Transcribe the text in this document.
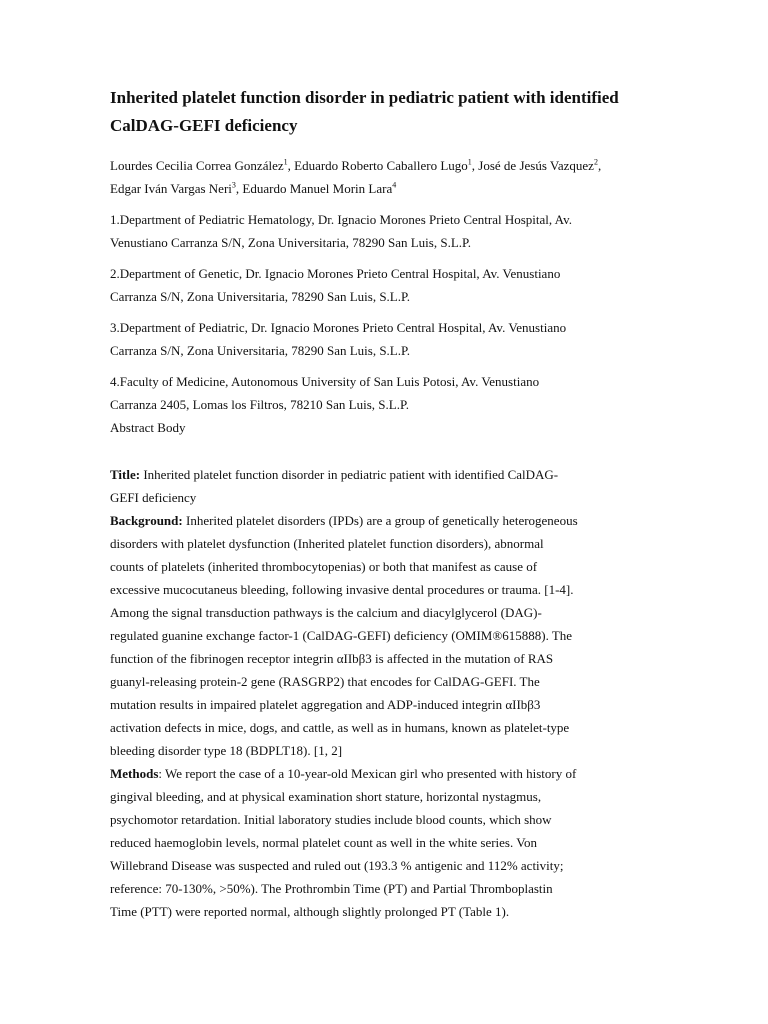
Inherited platelet function disorder in pediatric patient with identified
CalDAG-GEFI deficiency
Lourdes Cecilia Correa González$^1$, Eduardo Roberto Caballero Lugo$^1$, José de Jesús Vazquez$^2$,
Edgar Iván Vargas Neri$^3$, Eduardo Manuel Morin Lara$^4$
1.Department of Pediatric Hematology, Dr. Ignacio Morones Prieto Central Hospital, Av.
Venustiano Carranza S/N, Zona Universitaria, 78290 San Luis, S.L.P.
2.Department of Genetic, Dr. Ignacio Morones Prieto Central Hospital, Av. Venustiano
Carranza S/N, Zona Universitaria, 78290 San Luis, S.L.P.
3.Department of Pediatric, Dr. Ignacio Morones Prieto Central Hospital, Av. Venustiano
Carranza S/N, Zona Universitaria, 78290 San Luis, S.L.P.
4.Faculty of Medicine, Autonomous University of San Luis Potosi, Av. Venustiano
Carranza 2405, Lomas los Filtros, 78210 San Luis, S.L.P.
Abstract Body
Title: Inherited platelet function disorder in pediatric patient with identified CalDAG-
GEFI deficiency
Background: Inherited platelet disorders (IPDs) are a group of genetically heterogeneous
disorders with platelet dysfunction (Inherited platelet function disorders), abnormal
counts of platelets (inherited thrombocytopenias) or both that manifest as cause of
excessive mucocutaneus bleeding, following invasive dental procedures or trauma. [1-4].
Among the signal transduction pathways is the calcium and diacylglycerol (DAG)-
regulated guanine exchange factor-1 (CalDAG-GEFI) deficiency (OMIM®615888). The
function of the fibrinogen receptor integrin αIIbβ3 is affected in the mutation of RAS
guanyl-releasing protein-2 gene (RASGRP2) that encodes for CalDAG-GEFI. The
mutation results in impaired platelet aggregation and ADP-induced integrin αIIbβ3
activation defects in mice, dogs, and cattle, as well as in humans, known as platelet-type
bleeding disorder type 18 (BDPLT18). [1, 2]
Methods: We report the case of a 10-year-old Mexican girl who presented with history of
gingival bleeding, and at physical examination short stature, horizontal nystagmus,
psychomotor retardation. Initial laboratory studies include blood counts, which show
reduced haemoglobin levels, normal platelet count as well in the white series. Von
Willebrand Disease was suspected and ruled out (193.3 % antigenic and 112% activity;
reference: 70-130%, >50%). The Prothrombin Time (PT) and Partial Thromboplastin
Time (PTT) were reported normal, although slightly prolonged PT (Table 1).
